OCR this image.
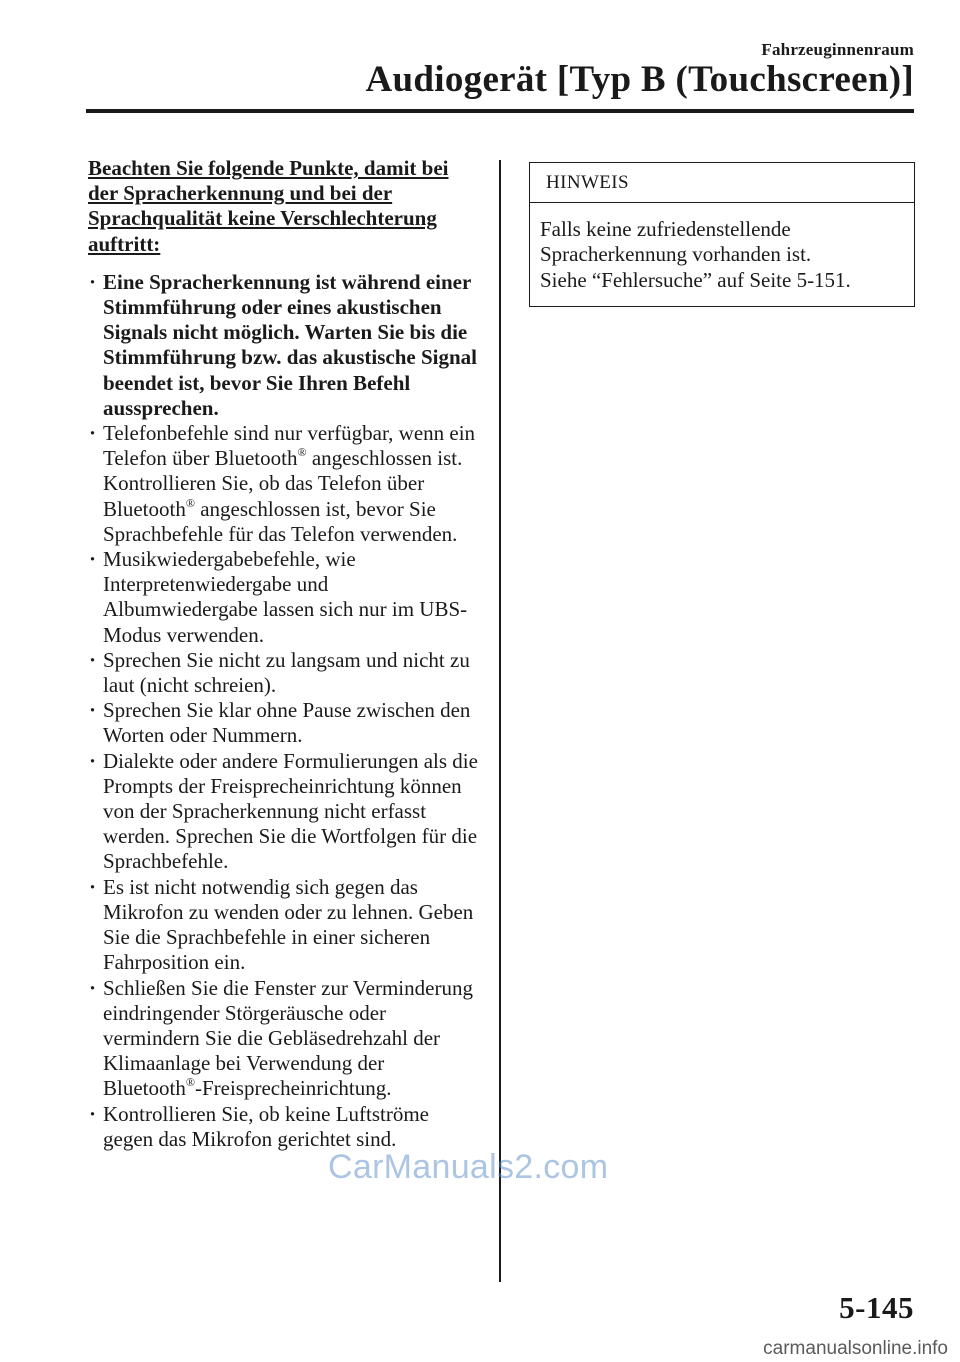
Fahrzeuginnenraum
Audiogerät [Typ B (Touchscreen)]

Beachten Sie folgende Punkte, damit bei der Spracherkennung und bei der Sprachqualität keine Verschlechterung auftritt:

· Eine Spracherkennung ist während einer Stimmführung oder eines akustischen Signals nicht möglich. Warten Sie bis die Stimmführung bzw. das akustische Signal beendet ist, bevor Sie Ihren Befehl aussprechen.
· Telefonbefehle sind nur verfügbar, wenn ein Telefon über Bluetooth® angeschlossen ist. Kontrollieren Sie, ob das Telefon über Bluetooth® angeschlossen ist, bevor Sie Sprachbefehle für das Telefon verwenden.
· Musikwiedergabebefehle, wie Interpretenwiedergabe und Albumwiedergabe lassen sich nur im UBS-Modus verwenden.
· Sprechen Sie nicht zu langsam und nicht zu laut (nicht schreien).
· Sprechen Sie klar ohne Pause zwischen den Worten oder Nummern.
· Dialekte oder andere Formulierungen als die Prompts der Freisprecheinrichtung können von der Spracherkennung nicht erfasst werden. Sprechen Sie die Wortfolgen für die Sprachbefehle.
· Es ist nicht notwendig sich gegen das Mikrofon zu wenden oder zu lehnen. Geben Sie die Sprachbefehle in einer sicheren Fahrposition ein.
· Schließen Sie die Fenster zur Verminderung eindringender Störgeräusche oder vermindern Sie die Gebläsedrehzahl der Klimaanlage bei Verwendung der Bluetooth®-Freisprecheinrichtung.
· Kontrollieren Sie, ob keine Luftströme gegen das Mikrofon gerichtet sind.
HINWEIS
Falls keine zufriedenstellende
Spracherkennung vorhanden ist.
Siehe “Fehlersuche” auf Seite 5-151.
CarManuals2.com
5-145
carmanualsonline.info
